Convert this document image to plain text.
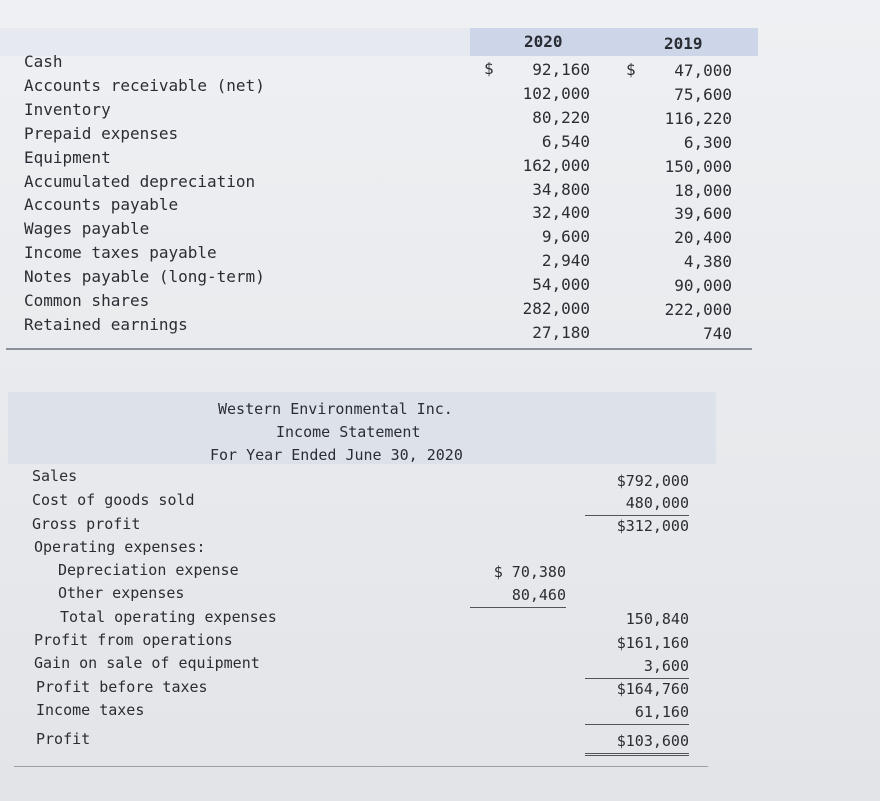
2020	2019
$	$
Cash	92,160	47,000
Accounts receivable (net)	102,000	75,600
Inventory	80,220	116,220
Prepaid expenses	6,540	6,300
Equipment	162,000	150,000
Accumulated depreciation	34,800	18,000
Accounts payable	32,400	39,600
Wages payable	9,600	20,400
Income taxes payable	2,940	4,380
Notes payable (long-term)	54,000	90,000
Common shares	282,000	222,000
Retained earnings	27,180	740
Western Environmental Inc.
Income Statement
For Year Ended June 30, 2020
Sales	$792,000
Cost of goods sold	480,000
Gross profit	$312,000
Operating expenses:
Depreciation expense	$ 70,380
Other expenses	80,460
Total operating expenses	150,840
Profit from operations	$161,160
Gain on sale of equipment	3,600
Profit before taxes	$164,760
Income taxes	61,160
Profit	$103,600
